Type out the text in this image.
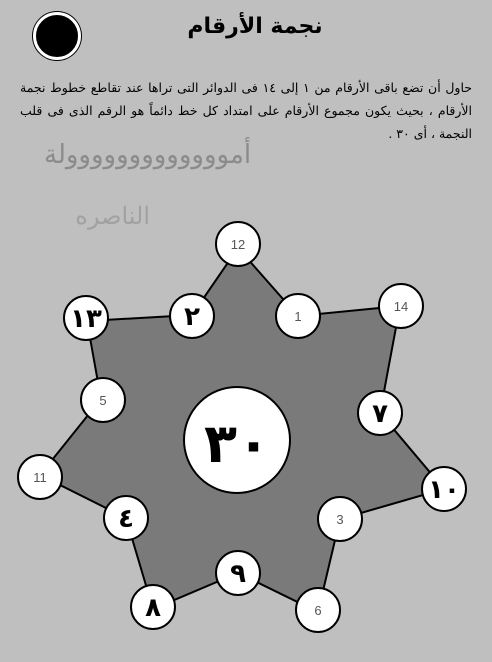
نجمة الأرقام
حاول أن تضع باقى الأرقام من ١ إلى ١٤ فى الدوائر التى تراها عند تقاطع خطوط نجمة الأرقام ، بحيث يكون مجموع الأرقام على امتداد كل خط دائماً هو الرقم الذى فى قلب النجمة ، أى ٣٠ .
أمووووووووووووولة
الناصره
٣٠
12
١٣	٢	1
14
5	٧
11	١٠
٤	3
٩
٨	6
